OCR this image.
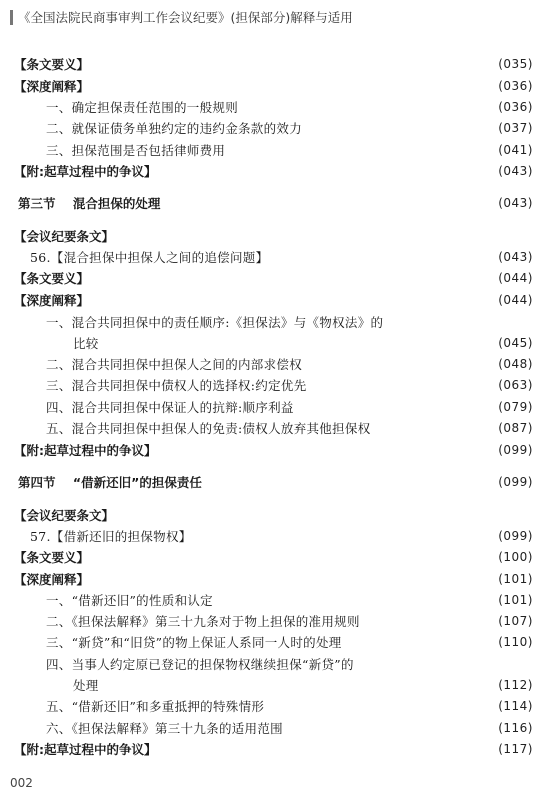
《全国法院民商事审判工作会议纪要》(担保部分)解释与适用
【条文要义】	(035)
【深度阐释】	(036)
一、确定担保责任范围的一般规则	(036)
二、就保证债务单独约定的违约金条款的效力	(037)
三、担保范围是否包括律师费用	(041)
【附:起草过程中的争议】	(043)
第三节    混合担保的处理	(043)
【会议纪要条文】
56.【混合担保中担保人之间的追偿问题】	(043)
【条文要义】	(044)
【深度阐释】	(044)
一、混合共同担保中的责任顺序:《担保法》与《物权法》的
比较	(045)
二、混合共同担保中担保人之间的内部求偿权	(048)
三、混合共同担保中债权人的选择权:约定优先	(063)
四、混合共同担保中保证人的抗辩:顺序利益	(079)
五、混合共同担保中担保人的免责:债权人放弃其他担保权	(087)
【附:起草过程中的争议】	(099)
第四节    “借新还旧”的担保责任	(099)
【会议纪要条文】
57.【借新还旧的担保物权】	(099)
【条文要义】	(100)
【深度阐释】	(101)
一、“借新还旧”的性质和认定	(101)
二、《担保法解释》第三十九条对于物上担保的准用规则	(107)
三、“新贷”和“旧贷”的物上保证人系同一人时的处理	(110)
四、当事人约定原已登记的担保物权继续担保“新贷”的
处理	(112)
五、“借新还旧”和多重抵押的特殊情形	(114)
六、《担保法解释》第三十九条的适用范围	(116)
【附:起草过程中的争议】	(117)
002
